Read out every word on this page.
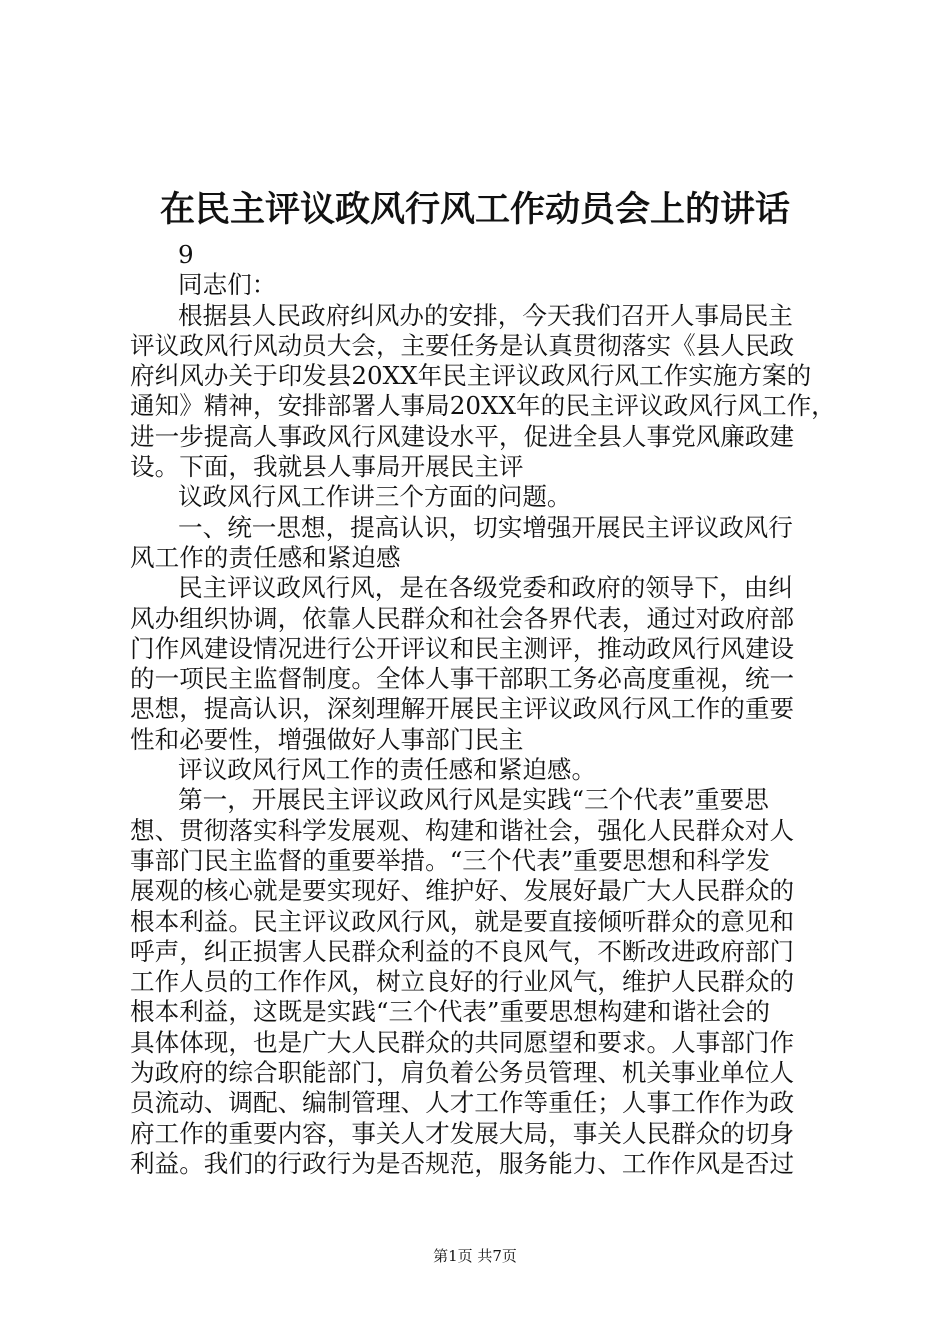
在民主评议政风行风工作动员会上的讲话
9
同志们：
根据县人民政府纠风办的安排，今天我们召开人事局民主
评议政风行风动员大会，主要任务是认真贯彻落实《县人民政
府纠风办关于印发县20XX年民主评议政风行风工作实施方案的
通知》精神，安排部署人事局20XX年的民主评议政风行风工作，
进一步提高人事政风行风建设水平，促进全县人事党风廉政建
设。下面，我就县人事局开展民主评
议政风行风工作讲三个方面的问题。
一、统一思想，提高认识，切实增强开展民主评议政风行
风工作的责任感和紧迫感
民主评议政风行风，是在各级党委和政府的领导下，由纠
风办组织协调，依靠人民群众和社会各界代表，通过对政府部
门作风建设情况进行公开评议和民主测评，推动政风行风建设
的一项民主监督制度。全体人事干部职工务必高度重视，统一
思想，提高认识，深刻理解开展民主评议政风行风工作的重要
性和必要性，增强做好人事部门民主
评议政风行风工作的责任感和紧迫感。
第一，开展民主评议政风行风是实践“三个代表”重要思
想、贯彻落实科学发展观、构建和谐社会，强化人民群众对人
事部门民主监督的重要举措。“三个代表”重要思想和科学发
展观的核心就是要实现好、维护好、发展好最广大人民群众的
根本利益。民主评议政风行风，就是要直接倾听群众的意见和
呼声，纠正损害人民群众利益的不良风气，不断改进政府部门
工作人员的工作作风，树立良好的行业风气，维护人民群众的
根本利益，这既是实践“三个代表”重要思想构建和谐社会的
具体体现，也是广大人民群众的共同愿望和要求。人事部门作
为政府的综合职能部门，肩负着公务员管理、机关事业单位人
员流动、调配、编制管理、人才工作等重任；人事工作作为政
府工作的重要内容，事关人才发展大局，事关人民群众的切身
利益。我们的行政行为是否规范，服务能力、工作作风是否过
第1页 共7页
